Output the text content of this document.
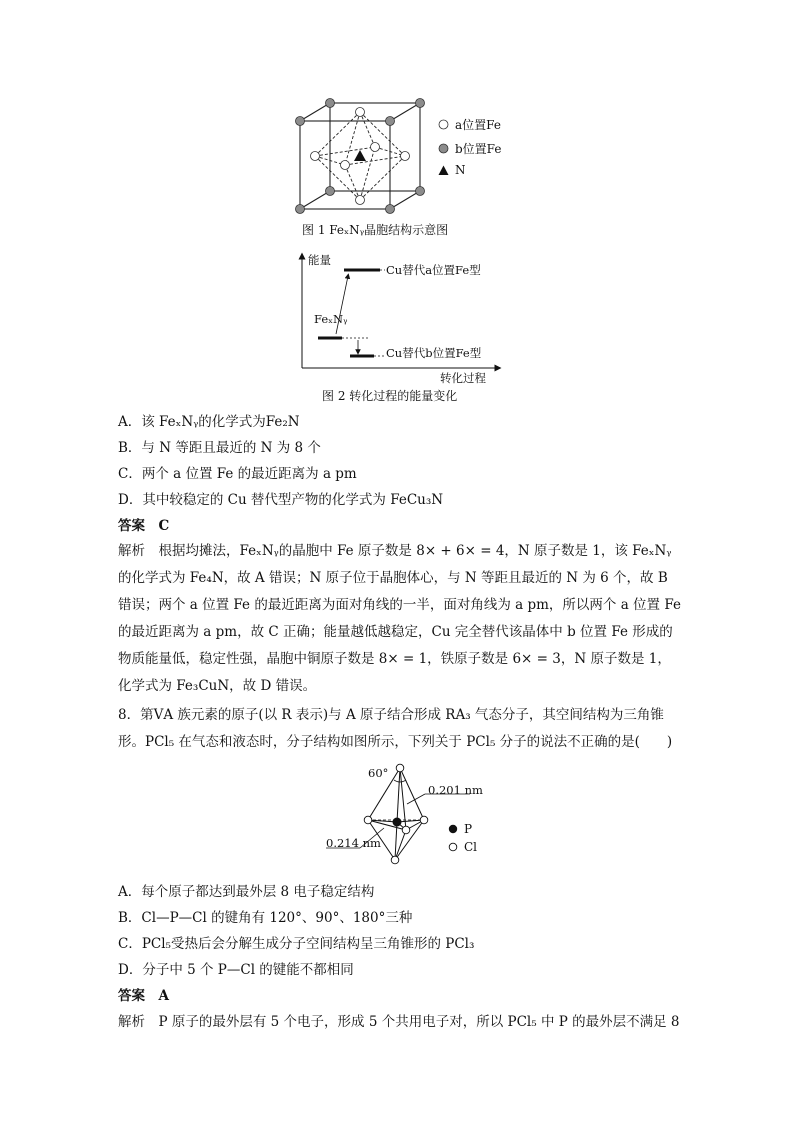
a位置Fe
b位置Fe
N
图 1 FeₓNᵧ晶胞结构示意图
能量
Cu替代a位置Fe型
FeₓNᵧ
Cu替代b位置Fe型
转化过程
图 2 转化过程的能量变化
A．该 FeₓNᵧ的化学式为Fe₂N
B．与 N 等距且最近的 N 为 8 个
C．两个 a 位置 Fe 的最近距离为 a pm
D．其中较稳定的 Cu 替代型产物的化学式为 FeCu₃N
答案　C
解析　根据均摊法，FeₓNᵧ的晶胞中 Fe 原子数是 8× + 6× = 4，N 原子数是 1，该 FeₓNᵧ的化学式为 Fe₄N，故 A 错误；N 原子位于晶胞体心，与 N 等距且最近的 N 为 6 个，故 B 错误；两个 a 位置 Fe 的最近距离为面对角线的一半，面对角线为 a pm，所以两个 a 位置 Fe 的最近距离为 a pm，故 C 正确；能量越低越稳定，Cu 完全替代该晶体中 b 位置 Fe 形成的物质能量低，稳定性强，晶胞中铜原子数是 8× = 1，铁原子数是 6× = 3，N 原子数是 1，化学式为 Fe₃CuN，故 D 错误。
8．第ⅤA 族元素的原子(以 R 表示)与 A 原子结合形成 RA₃ 气态分子，其空间结构为三角锥形。PCl₅ 在气态和液态时，分子结构如图所示，下列关于 PCl₅ 分子的说法不正确的是(　　)
60°
0.201 nm
0.214 nm
P
Cl
A．每个原子都达到最外层 8 电子稳定结构
B．Cl—P—Cl 的键角有 120°、90°、180°三种
C．PCl₅受热后会分解生成分子空间结构呈三角锥形的 PCl₃
D．分子中 5 个 P—Cl 的键能不都相同
答案　A
解析　P 原子的最外层有 5 个电子，形成 5 个共用电子对，所以 PCl₅ 中 P 的最外层不满足 8
